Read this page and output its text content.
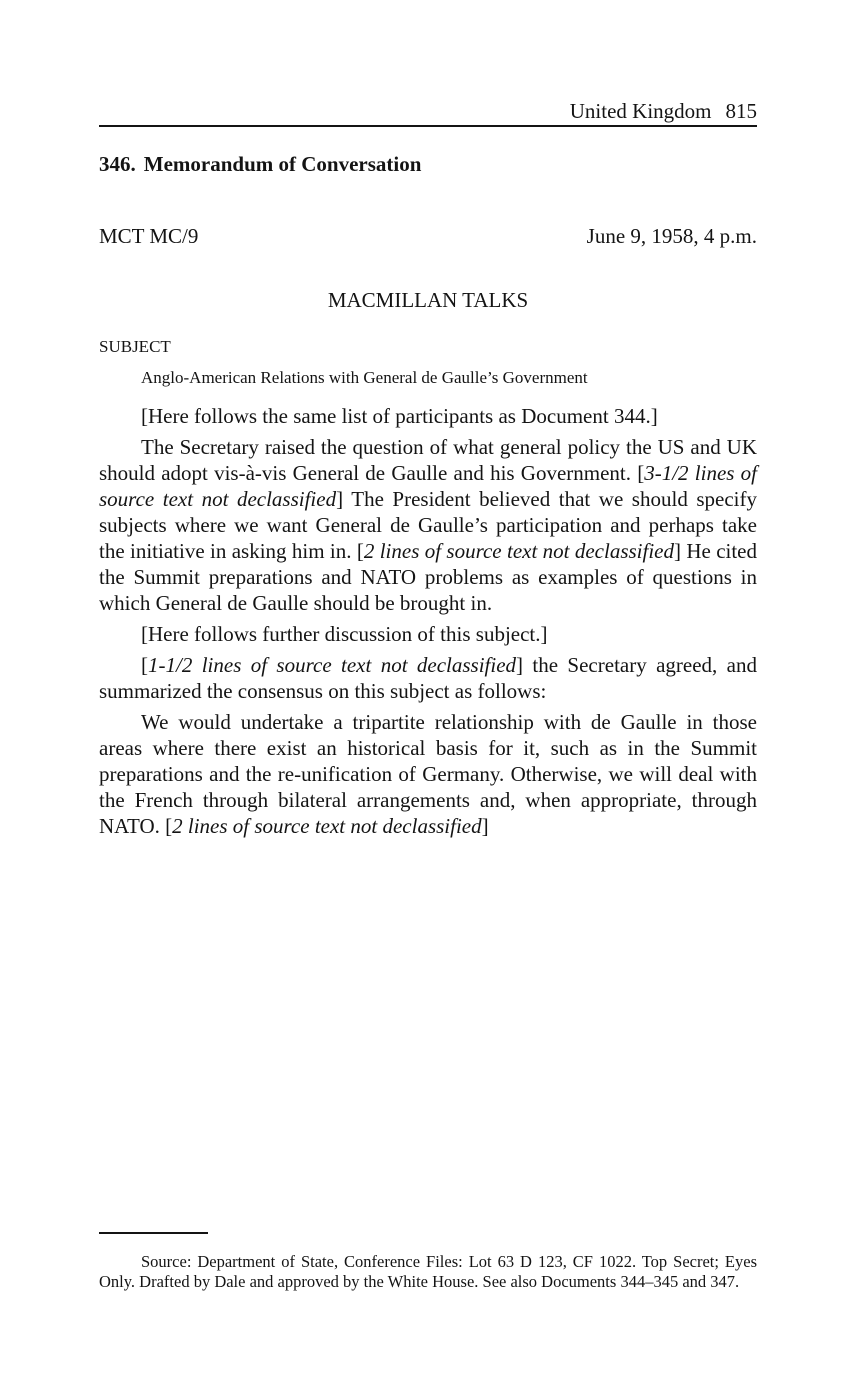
United Kingdom 815
346. Memorandum of Conversation
MCT MC/9	June 9, 1958, 4 p.m.
MACMILLAN TALKS
SUBJECT
Anglo-American Relations with General de Gaulle’s Government

[Here follows the same list of participants as Document 344.]

The Secretary raised the question of what general policy the US and UK should adopt vis-à-vis General de Gaulle and his Government. [3-1/2 lines of source text not declassified] The President believed that we should specify subjects where we want General de Gaulle’s participation and perhaps take the initiative in asking him in. [2 lines of source text not declassified] He cited the Summit preparations and NATO problems as examples of questions in which General de Gaulle should be brought in.

[Here follows further discussion of this subject.]

[1-1/2 lines of source text not declassified] the Secretary agreed, and summarized the consensus on this subject as follows:

We would undertake a tripartite relationship with de Gaulle in those areas where there exist an historical basis for it, such as in the Summit preparations and the re-unification of Germany. Otherwise, we will deal with the French through bilateral arrangements and, when appropriate, through NATO. [2 lines of source text not declassified]

Source: Department of State, Conference Files: Lot 63 D 123, CF 1022. Top Secret; Eyes Only. Drafted by Dale and approved by the White House. See also Documents 344–345 and 347.
